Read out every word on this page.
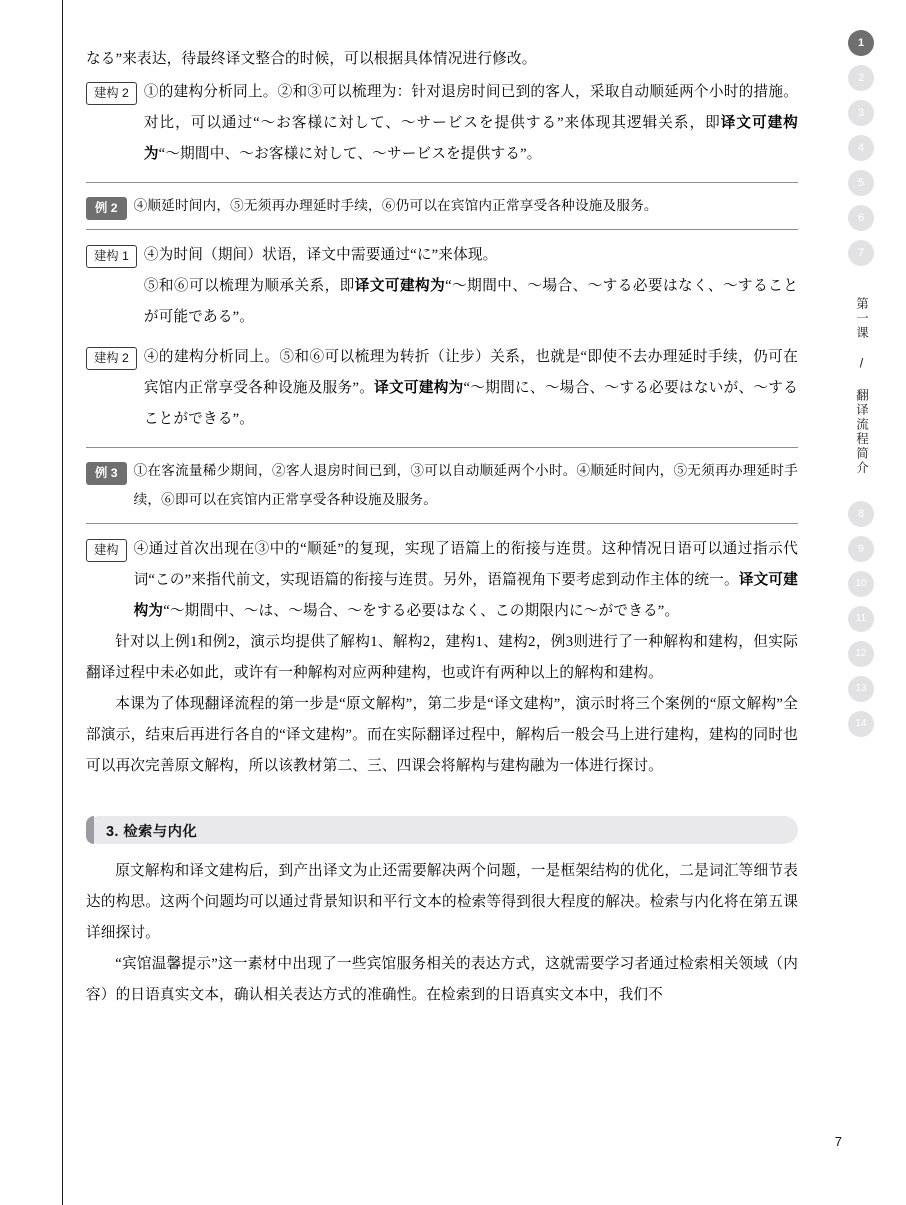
1
2
3
4
5
6
7
第一课 / 翻译流程简介
8
9
10
11
12
13
14

なる”来表达，待最终译文整合的时候，可以根据具体情况进行修改。

建构 2	①的建构分析同上。②和③可以梳理为：针对退房时间已到的客人，采取自动顺延两个小时的措施。对比，可以通过“～お客様に対して、～サービスを提供する”来体现其逻辑关系，即译文可建构为“～期間中、～お客様に対して、～サービスを提供する”。

例 2	④顺延时间内，⑤无须再办理延时手续，⑥仍可以在宾馆内正常享受各种设施及服务。

建构 1	④为时间（期间）状语，译文中需要通过“に”来体现。

⑤和⑥可以梳理为顺承关系，即译文可建构为“～期間中、～場合、～する必要はなく、～することが可能である”。

建构 2	④的建构分析同上。⑤和⑥可以梳理为转折（让步）关系，也就是“即使不去办理延时手续，仍可在宾馆内正常享受各种设施及服务”。译文可建构为“～期間に、～場合、～する必要はないが、～することができる”。

例 3	①在客流量稀少期间，②客人退房时间已到，③可以自动顺延两个小时。④顺延时间内，⑤无须再办理延时手续，⑥即可以在宾馆内正常享受各种设施及服务。

建构	④通过首次出现在③中的“顺延”的复现，实现了语篇上的衔接与连贯。这种情况日语可以通过指示代词“この”来指代前文，实现语篇的衔接与连贯。另外，语篇视角下要考虑到动作主体的统一。译文可建构为“～期間中、～は、～場合、～をする必要はなく、この期限内に～ができる”。

针对以上例1和例2，演示均提供了解构1、解构2，建构1、建构2，例3则进行了一种解构和建构，但实际翻译过程中未必如此，或许有一种解构对应两种建构，也或许有两种以上的解构和建构。

本课为了体现翻译流程的第一步是“原文解构”，第二步是“译文建构”，演示时将三个案例的“原文解构”全部演示，结束后再进行各自的“译文建构”。而在实际翻译过程中，解构后一般会马上进行建构，建构的同时也可以再次完善原文解构，所以该教材第二、三、四课会将解构与建构融为一体进行探讨。

3. 检索与内化

原文解构和译文建构后，到产出译文为止还需要解决两个问题，一是框架结构的优化，二是词汇等细节表达的构思。这两个问题均可以通过背景知识和平行文本的检索等得到很大程度的解决。检索与内化将在第五课详细探讨。

“宾馆温馨提示”这一素材中出现了一些宾馆服务相关的表达方式，这就需要学习者通过检索相关领域（内容）的日语真实文本，确认相关表达方式的准确性。在检索到的日语真实文本中，我们不

7
